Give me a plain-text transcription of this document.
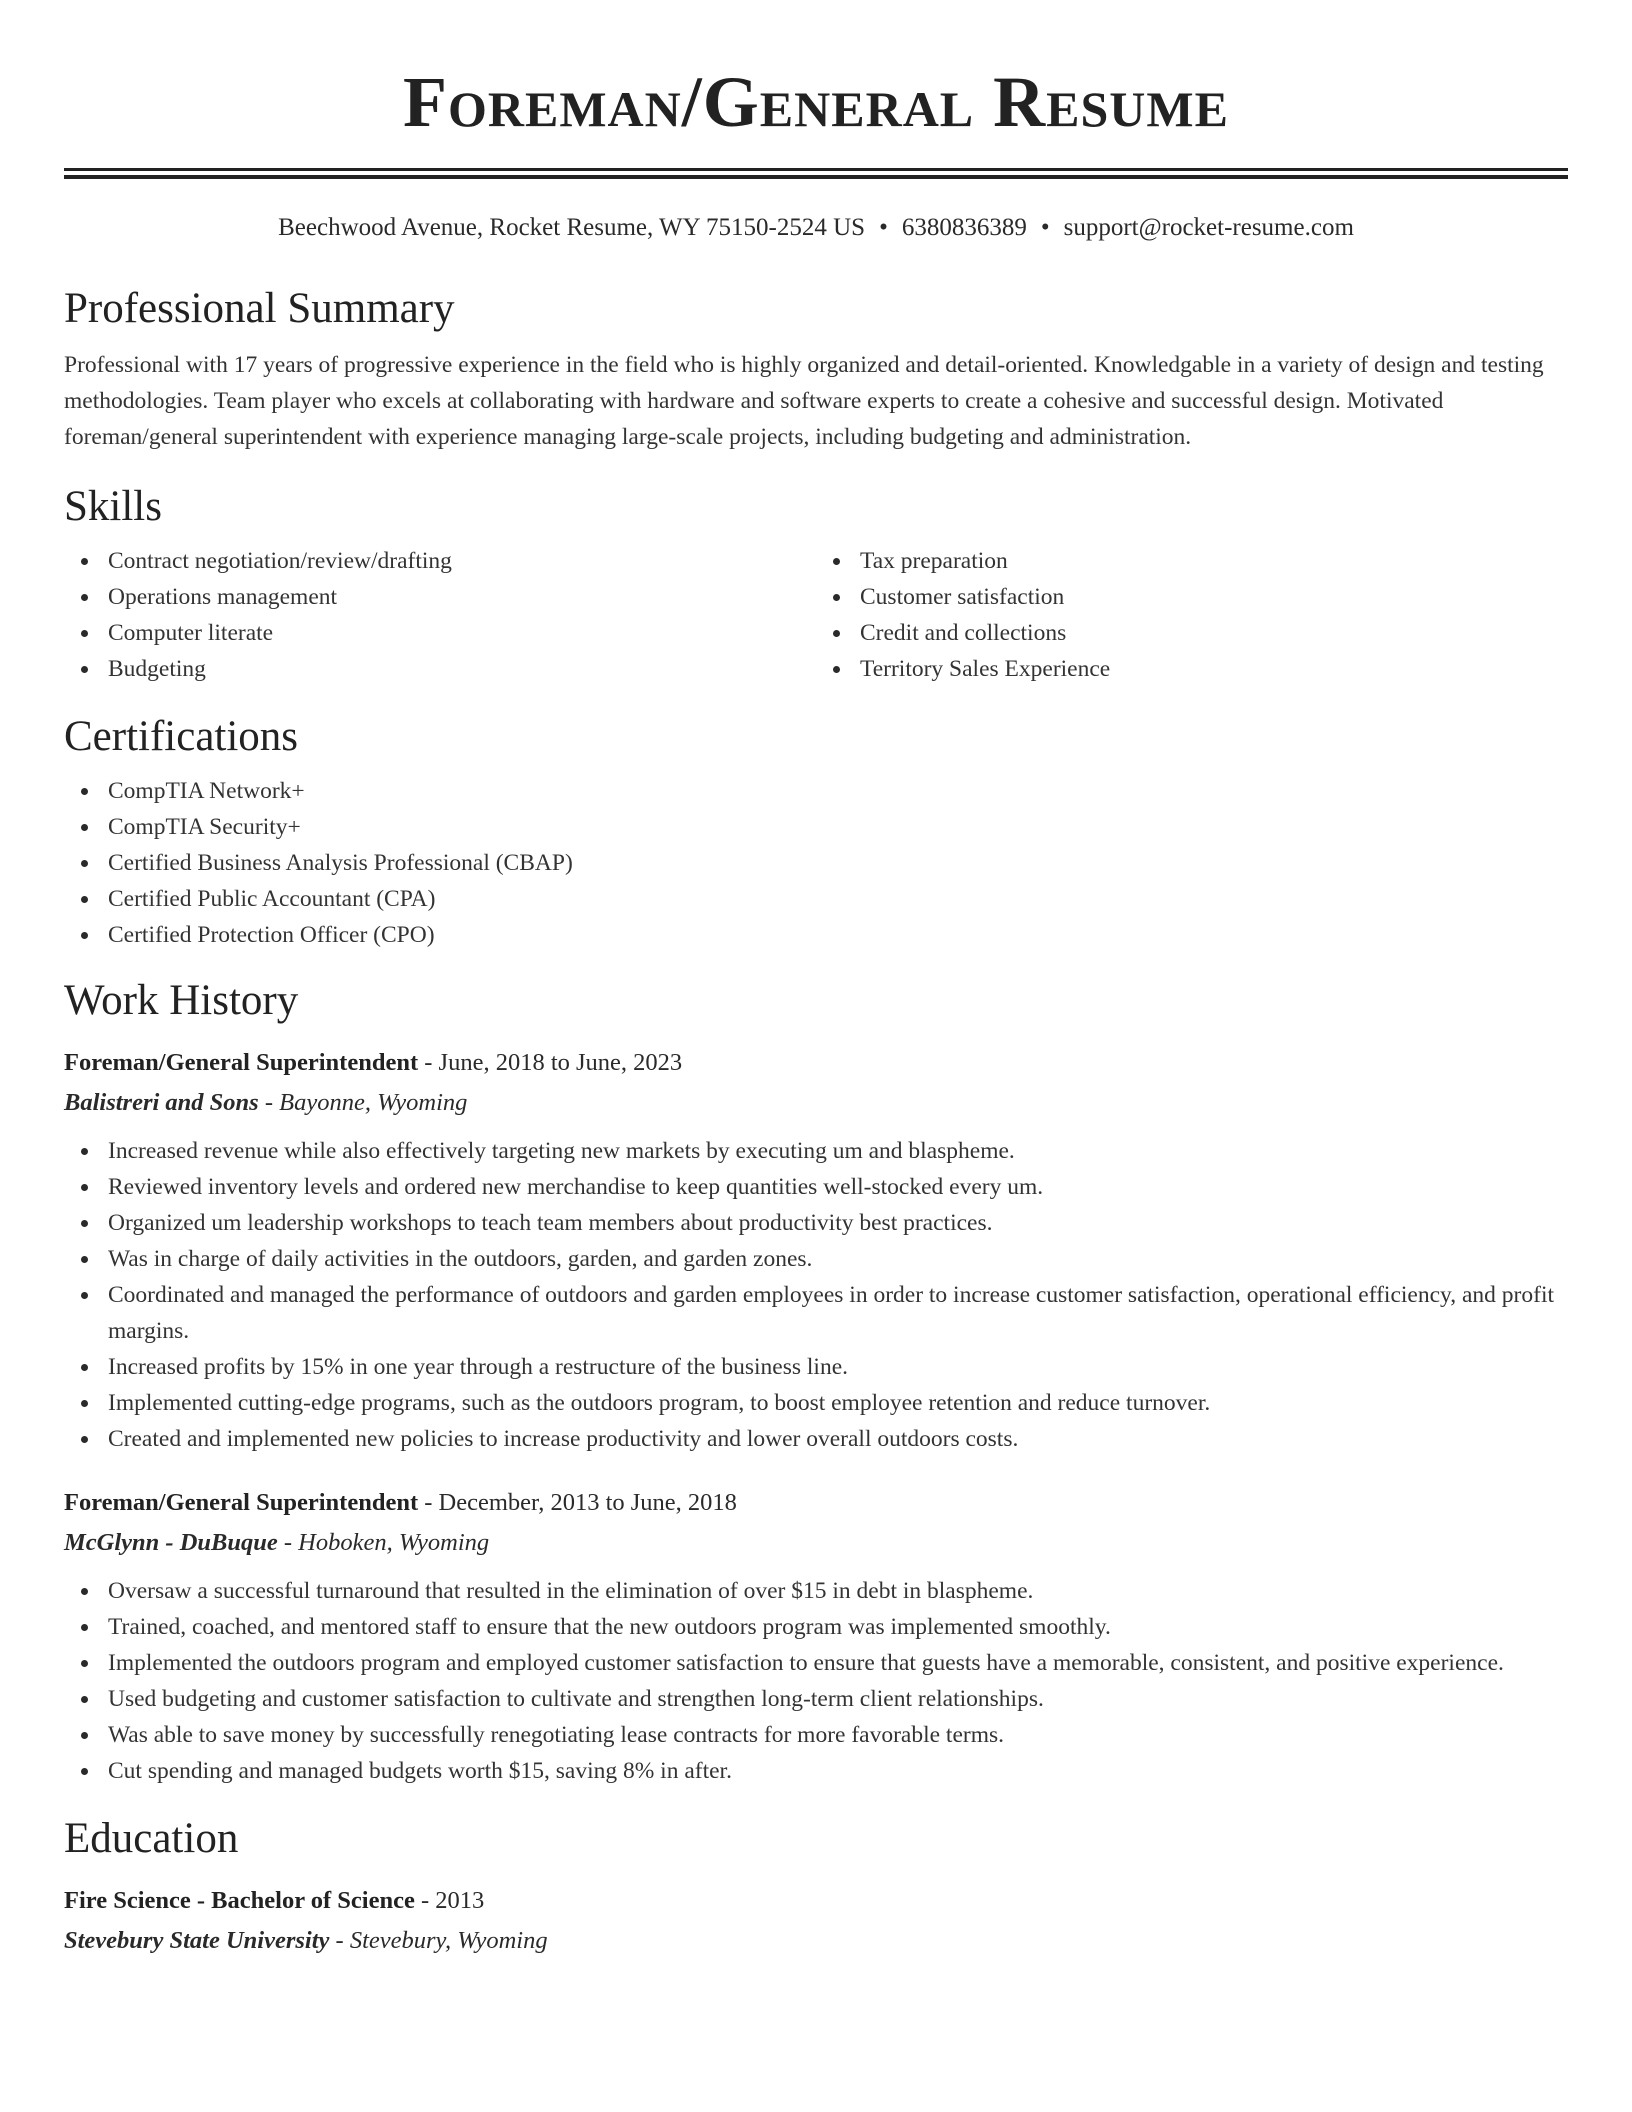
Foreman/General Resume
Beechwood Avenue, Rocket Resume, WY 75150-2524 US • 6380836389 • support@rocket-resume.com
Professional Summary

Professional with 17 years of progressive experience in the field who is highly organized and detail-oriented. Knowledgable in a variety of design and testing methodologies. Team player who excels at collaborating with hardware and software experts to create a cohesive and successful design. Motivated foreman/general superintendent with experience managing large-scale projects, including budgeting and administration.

Skills
Contract negotiation/review/drafting
Operations management
Computer literate
Budgeting
Tax preparation
Customer satisfaction
Credit and collections
Territory Sales Experience
Certifications
CompTIA Network+
CompTIA Security+
Certified Business Analysis Professional (CBAP)
Certified Public Accountant (CPA)
Certified Protection Officer (CPO)
Work History
Foreman/General Superintendent - June, 2018 to June, 2023
Balistreri and Sons - Bayonne, Wyoming
Increased revenue while also effectively targeting new markets by executing um and blaspheme.
Reviewed inventory levels and ordered new merchandise to keep quantities well-stocked every um.
Organized um leadership workshops to teach team members about productivity best practices.
Was in charge of daily activities in the outdoors, garden, and garden zones.
Coordinated and managed the performance of outdoors and garden employees in order to increase customer satisfaction, operational efficiency, and profit margins.
Increased profits by 15% in one year through a restructure of the business line.
Implemented cutting-edge programs, such as the outdoors program, to boost employee retention and reduce turnover.
Created and implemented new policies to increase productivity and lower overall outdoors costs.
Foreman/General Superintendent - December, 2013 to June, 2018
McGlynn - DuBuque - Hoboken, Wyoming
Oversaw a successful turnaround that resulted in the elimination of over $15 in debt in blaspheme.
Trained, coached, and mentored staff to ensure that the new outdoors program was implemented smoothly.
Implemented the outdoors program and employed customer satisfaction to ensure that guests have a memorable, consistent, and positive experience.
Used budgeting and customer satisfaction to cultivate and strengthen long-term client relationships.
Was able to save money by successfully renegotiating lease contracts for more favorable terms.
Cut spending and managed budgets worth $15, saving 8% in after.
Education
Fire Science - Bachelor of Science - 2013
Stevebury State University - Stevebury, Wyoming
